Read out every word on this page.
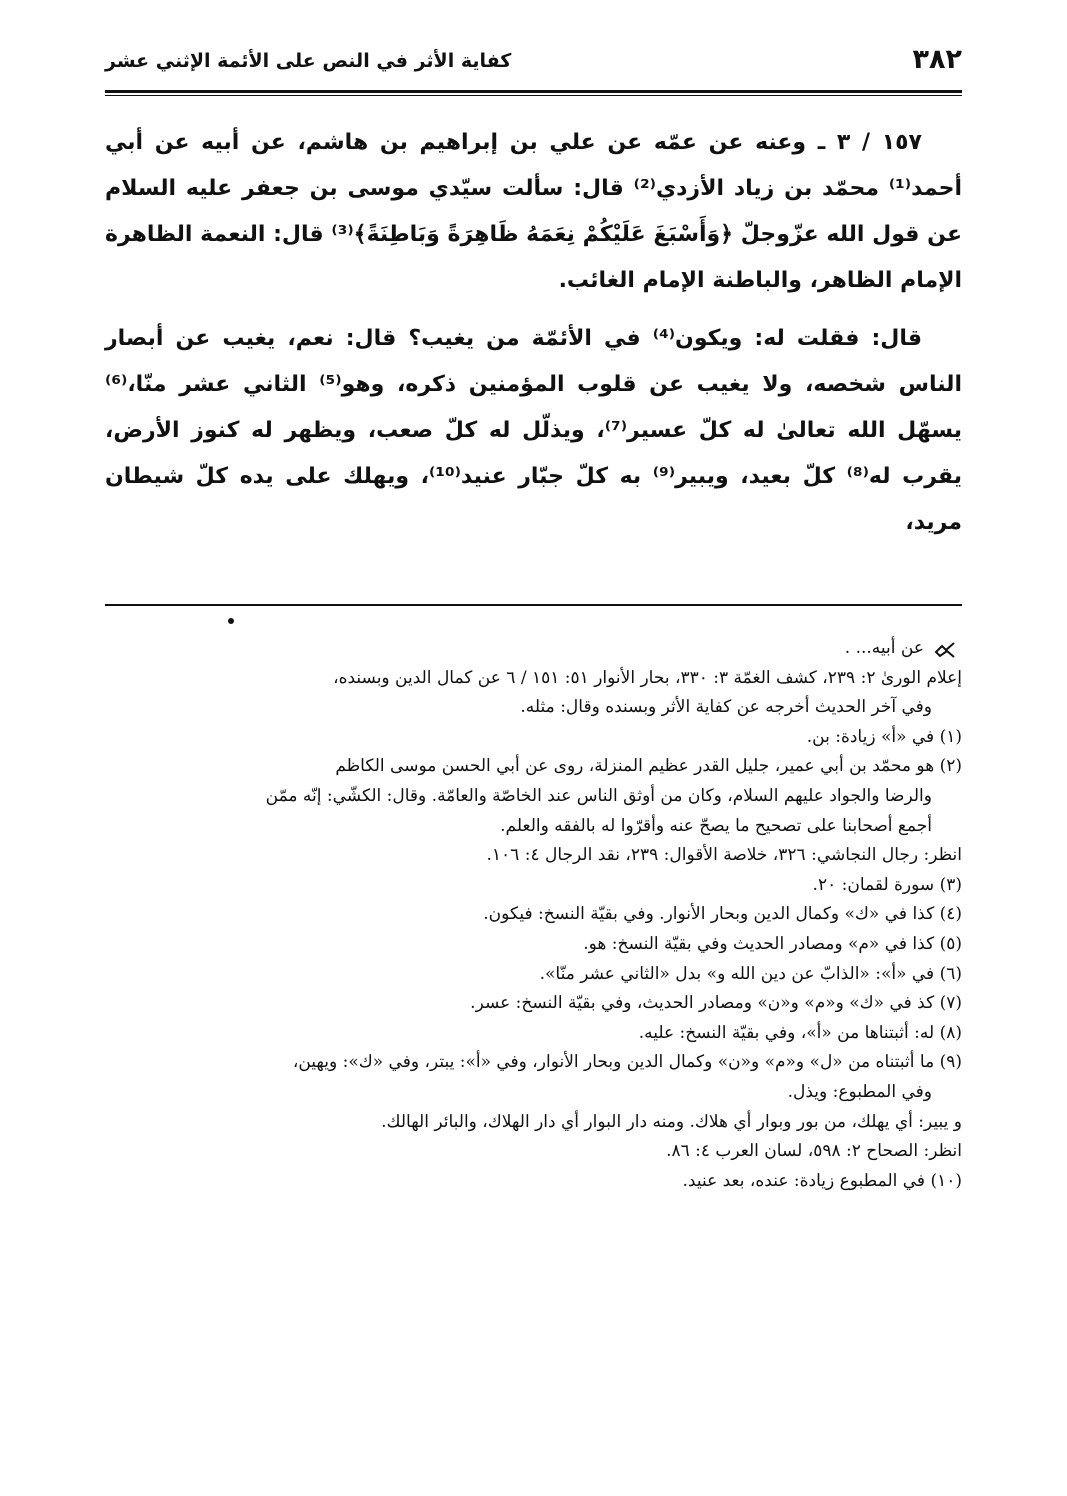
٣٨٢
كفاية الأثر في النص على الأئمة الإثني عشر

١٥٧ / ٣ ـ وعنه عن عمّه عن علي بن إبراهيم بن هاشم، عن أبيه عن أبي أحمد⁽¹⁾ محمّد بن زياد الأزدي⁽²⁾ قال: سألت سيّدي موسى بن جعفر عليه السلام عن قول الله عزّوجلّ ﴿وَأَسْبَغَ عَلَيْكُمْ نِعَمَهُ ظَاهِرَةً وَبَاطِنَةً﴾⁽³⁾ قال: النعمة الظاهرة الإمام الظاهر، والباطنة الإمام الغائب.

قال: فقلت له: ويكون⁽⁴⁾ في الأئمّة من يغيب؟ قال: نعم، يغيب عن أبصار الناس شخصه، ولا يغيب عن قلوب المؤمنين ذكره، وهو⁽⁵⁾ الثاني عشر منّا،⁽⁶⁾ يسهّل الله تعالىٰ له كلّ عسير⁽⁷⁾، ويذلّل له كلّ صعب، ويظهر له كنوز الأرض، يقرب له⁽⁸⁾ كلّ بعيد، ويبير⁽⁹⁾ به كلّ جبّار عنيد⁽¹⁰⁾، ويهلك على يده كلّ شيطان مريد،

عن أبيه... .

إعلام الورىٰ ٢: ٢٣٩، كشف الغمّة ٣: ٣٣٠، بحار الأنوار ٥١: ١٥١ / ٦ عن كمال الدين وبسنده،

وفي آخر الحديث أخرجه عن كفاية الأثر وبسنده وقال: مثله.

(١) في «أ» زيادة: بن.

(٢) هو محمّد بن أبي عمير، جليل القدر عظيم المنزلة، روى عن أبي الحسن موسى الكاظم

والرضا والجواد عليهم السلام، وكان من أوثق الناس عند الخاصّة والعامّة. وقال: الكشّي: إنّه ممّن

أجمع أصحابنا على تصحيح ما يصحّ عنه وأقرّوا له بالفقه والعلم.

انظر: رجال النجاشي: ٣٢٦، خلاصة الأقوال: ٢٣٩، نقد الرجال ٤: ١٠٦.

(٣) سورة لقمان: ٢٠.

(٤) كذا في «ك» وكمال الدين وبحار الأنوار. وفي بقيّة النسخ: فيكون.

(٥) كذا في «م» ومصادر الحديث وفي بقيّة النسخ: هو.

(٦) في «أ»: «الذابّ عن دين الله و» بدل «الثاني عشر منّا».

(٧) كذ في «ك» و«م» و«ن» ومصادر الحديث، وفي بقيّة النسخ: عسر.

(٨) له: أثبتناها من «أ»، وفي بقيّة النسخ: عليه.

(٩) ما أثبتناه من «ل» و«م» و«ن» وكمال الدين وبحار الأنوار، وفي «أ»: يبتر، وفي «ك»: ويهين،

وفي المطبوع: ويذل.

و يبير: أي يهلك، من بور وبوار أي هلاك. ومنه دار البوار أي دار الهلاك، والبائر الهالك.

انظر: الصحاح ٢: ٥٩٨، لسان العرب ٤: ٨٦.

(١٠) في المطبوع زيادة: عنده، بعد عنيد.
